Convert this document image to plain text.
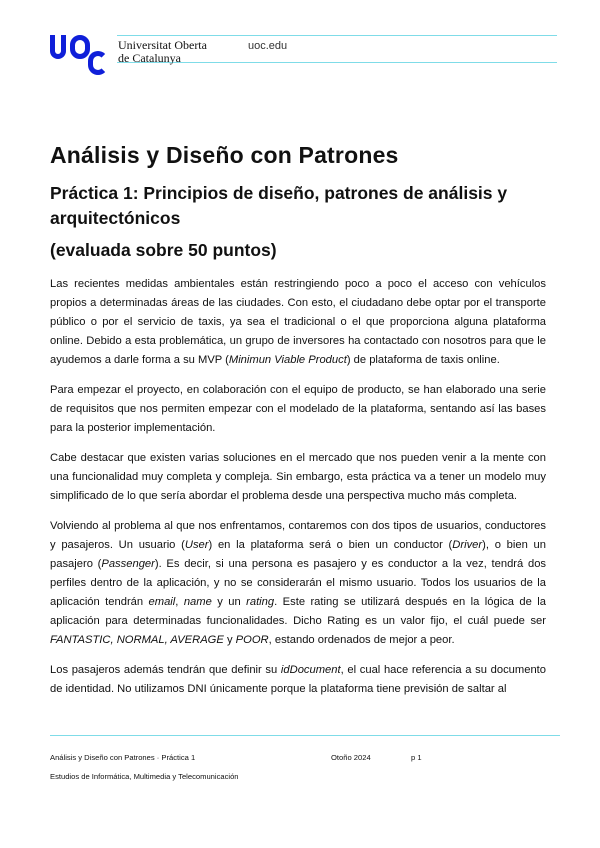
Universitat Oberta
de Catalunya
uoc.edu
Análisis y Diseño con Patrones
Práctica 1: Principios de diseño, patrones de análisis y arquitectónicos
(evaluada sobre 50 puntos)

Las recientes medidas ambientales están restringiendo poco a poco el acceso con vehículos propios a determinadas áreas de las ciudades. Con esto, el ciudadano debe optar por el transporte público o por el servicio de taxis, ya sea el tradicional o el que proporciona alguna plataforma online. Debido a esta problemática, un grupo de inversores ha contactado con nosotros para que le ayudemos a darle forma a su MVP (Minimun Viable Product) de plataforma de taxis online.

Para empezar el proyecto, en colaboración con el equipo de producto, se han elaborado una serie de requisitos que nos permiten empezar con el modelado de la plataforma, sentando así las bases para la posterior implementación.

Cabe destacar que existen varias soluciones en el mercado que nos pueden venir a la mente con una funcionalidad muy completa y compleja. Sin embargo, esta práctica va a tener un modelo muy simplificado de lo que sería abordar el problema desde una perspectiva mucho más completa.

Volviendo al problema al que nos enfrentamos, contaremos con dos tipos de usuarios, conductores y pasajeros. Un usuario (User) en la plataforma será o bien un conductor (Driver), o bien un pasajero (Passenger). Es decir, si una persona es pasajero y es conductor a la vez, tendrá dos perfiles dentro de la aplicación, y no se considerarán el mismo usuario. Todos los usuarios de la aplicación tendrán email, name y un rating. Este rating se utilizará después en la lógica de la aplicación para determinadas funcionalidades. Dicho Rating es un valor fijo, el cuál puede ser FANTASTIC, NORMAL, AVERAGE y POOR, estando ordenados de mejor a peor.

Los pasajeros además tendrán que definir su idDocument, el cual hace referencia a su documento de identidad. No utilizamos DNI únicamente porque la plataforma tiene previsión de saltar al

Análisis y Diseño con Patrones · Práctica 1	Otoño 2024	p 1
Estudios de Informática, Multimedia y Telecomunicación
